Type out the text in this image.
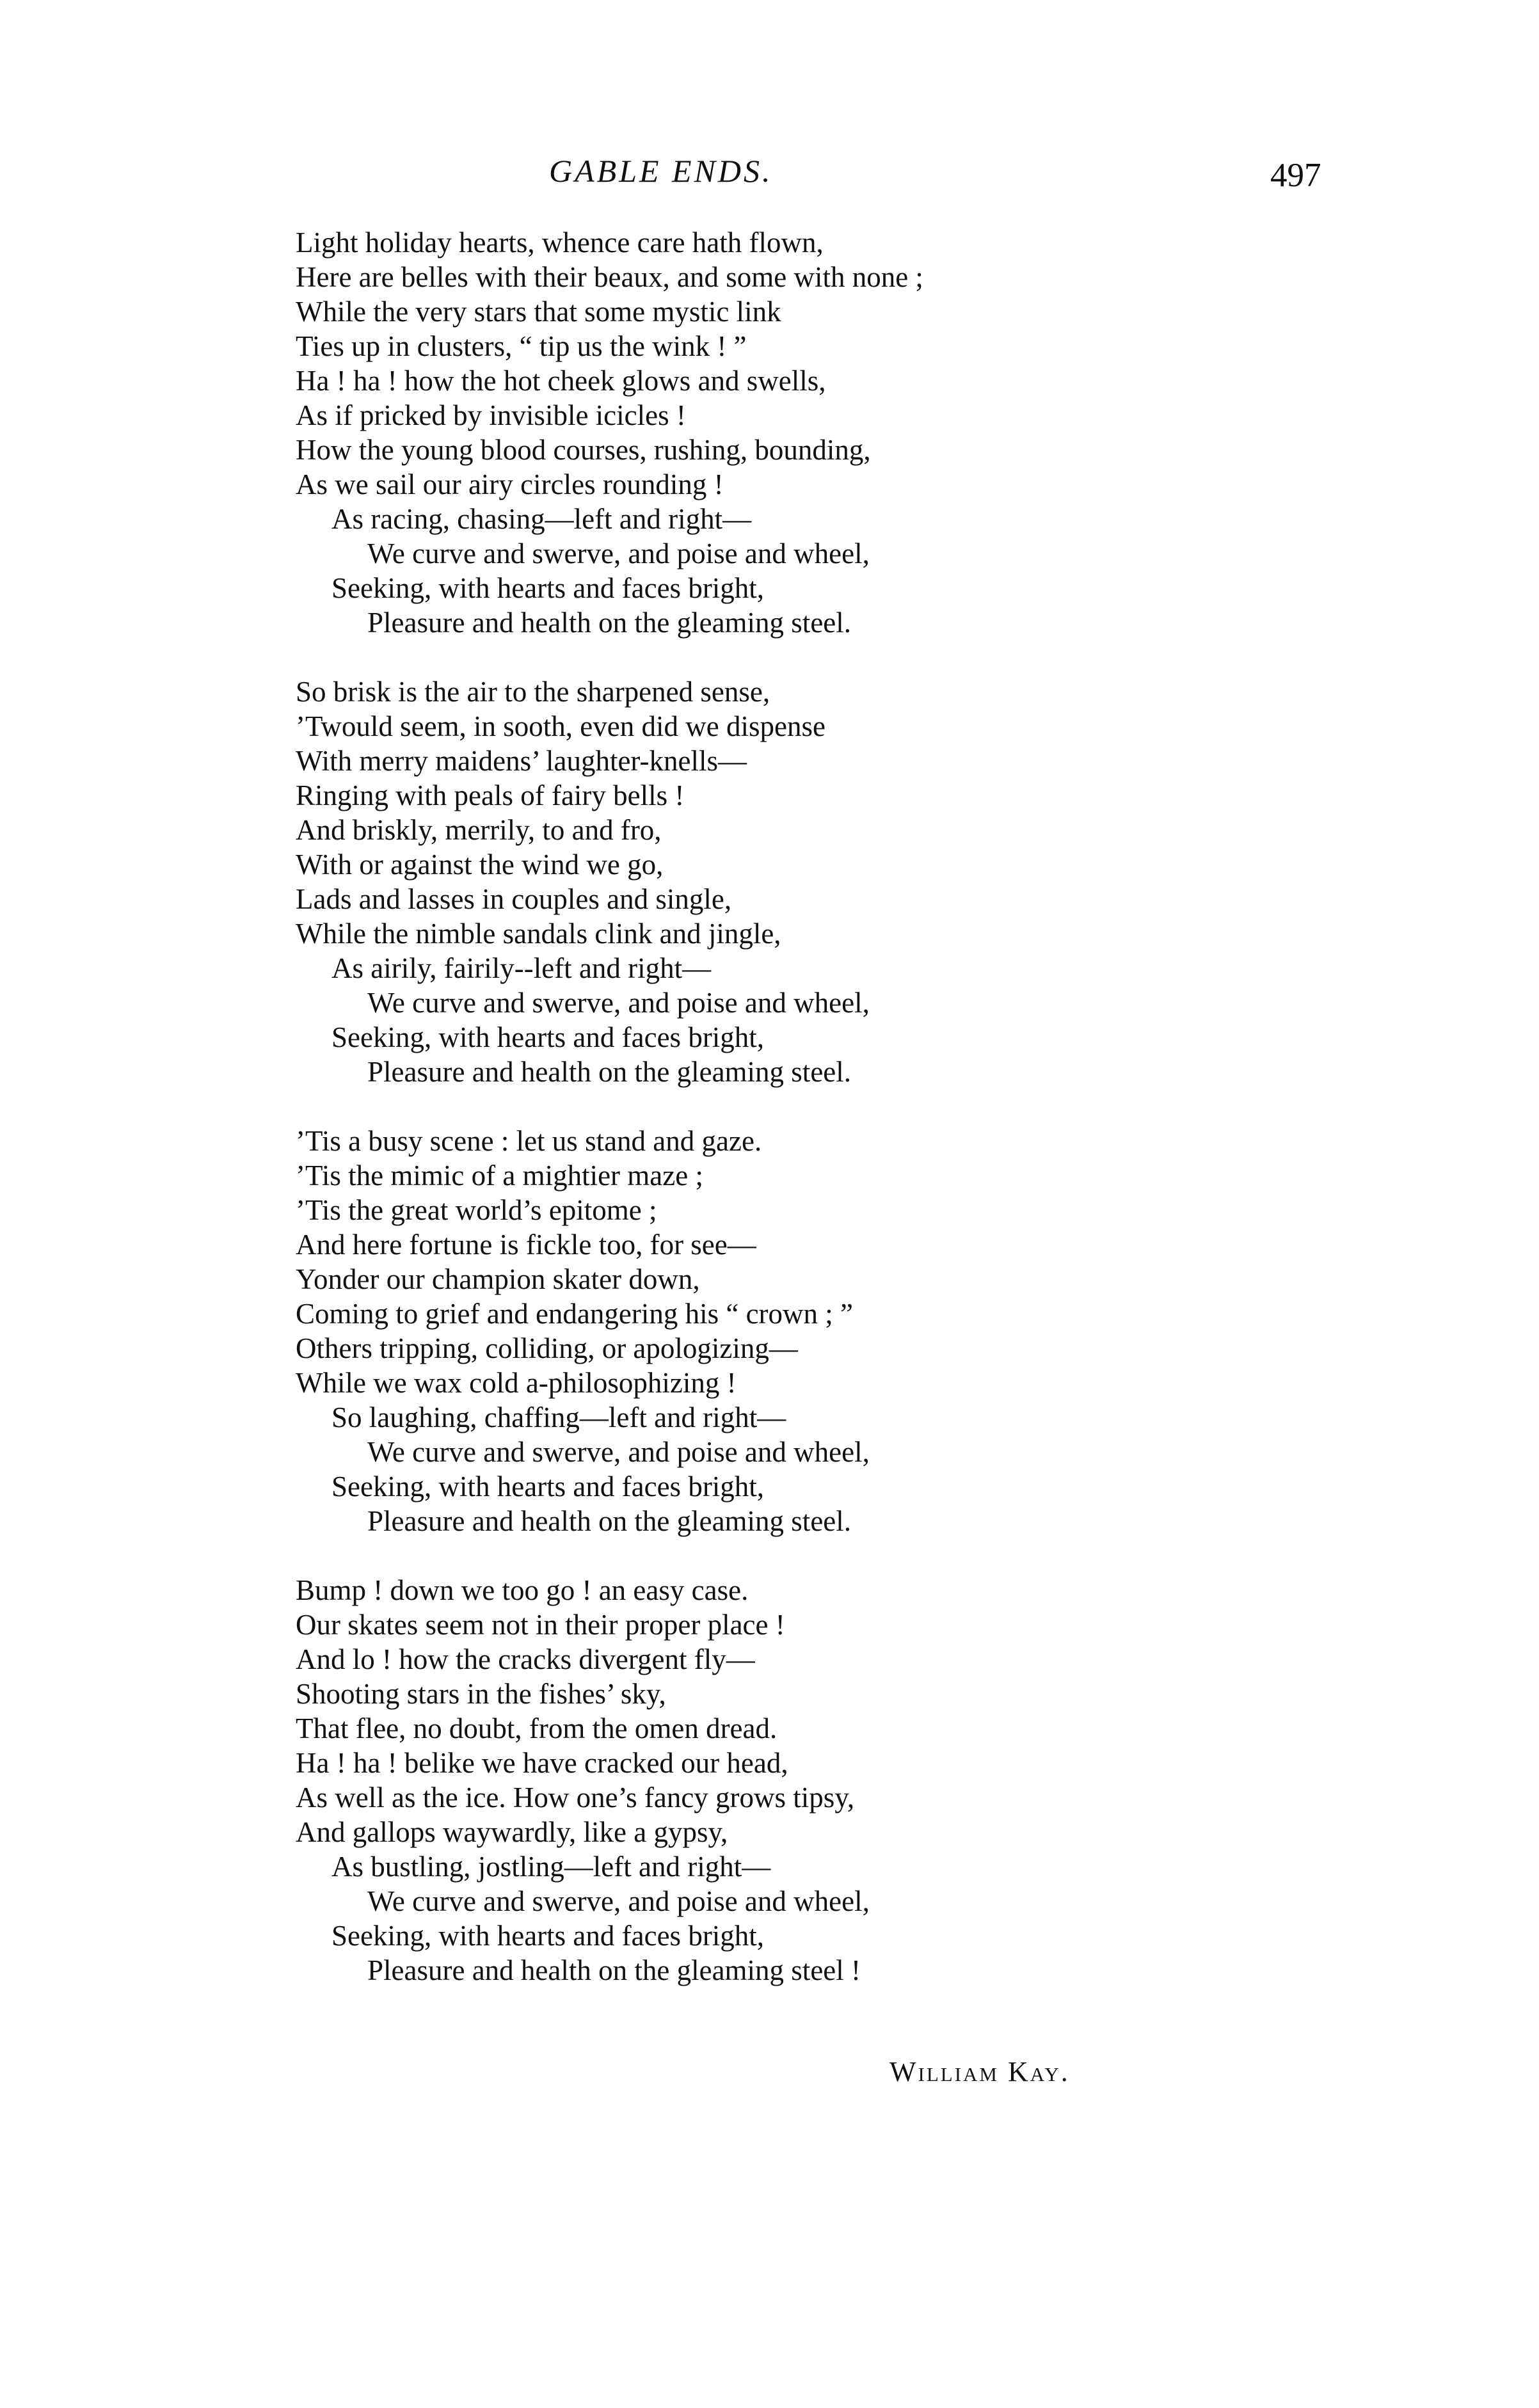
GABLE ENDS.	497
Light holiday hearts, whence care hath flown,
Here are belles with their beaux, and some with none ;
While the very stars that some mystic link
Ties up in clusters, “ tip us the wink ! ”
Ha ! ha ! how the hot cheek glows and swells,
As if pricked by invisible icicles !
How the young blood courses, rushing, bounding,
As we sail our airy circles rounding !
As racing, chasing—left and right—
We curve and swerve, and poise and wheel,
Seeking, with hearts and faces bright,
Pleasure and health on the gleaming steel.
So brisk is the air to the sharpened sense,
’Twould seem, in sooth, even did we dispense
With merry maidens’ laughter-knells—
Ringing with peals of fairy bells !
And briskly, merrily, to and fro,
With or against the wind we go,
Lads and lasses in couples and single,
While the nimble sandals clink and jingle,
As airily, fairily--left and right—
We curve and swerve, and poise and wheel,
Seeking, with hearts and faces bright,
Pleasure and health on the gleaming steel.
’Tis a busy scene : let us stand and gaze.
’Tis the mimic of a mightier maze ;
’Tis the great world’s epitome ;
And here fortune is fickle too, for see—
Yonder our champion skater down,
Coming to grief and endangering his “ crown ; ”
Others tripping, colliding, or apologizing—
While we wax cold a-philosophizing !
So laughing, chaffing—left and right—
We curve and swerve, and poise and wheel,
Seeking, with hearts and faces bright,
Pleasure and health on the gleaming steel.
Bump ! down we too go ! an easy case.
Our skates seem not in their proper place !
And lo ! how the cracks divergent fly—
Shooting stars in the fishes’ sky,
That flee, no doubt, from the omen dread.
Ha ! ha ! belike we have cracked our head,
As well as the ice. How one’s fancy grows tipsy,
And gallops waywardly, like a gypsy,
As bustling, jostling—left and right—
We curve and swerve, and poise and wheel,
Seeking, with hearts and faces bright,
Pleasure and health on the gleaming steel !
William Kay.
